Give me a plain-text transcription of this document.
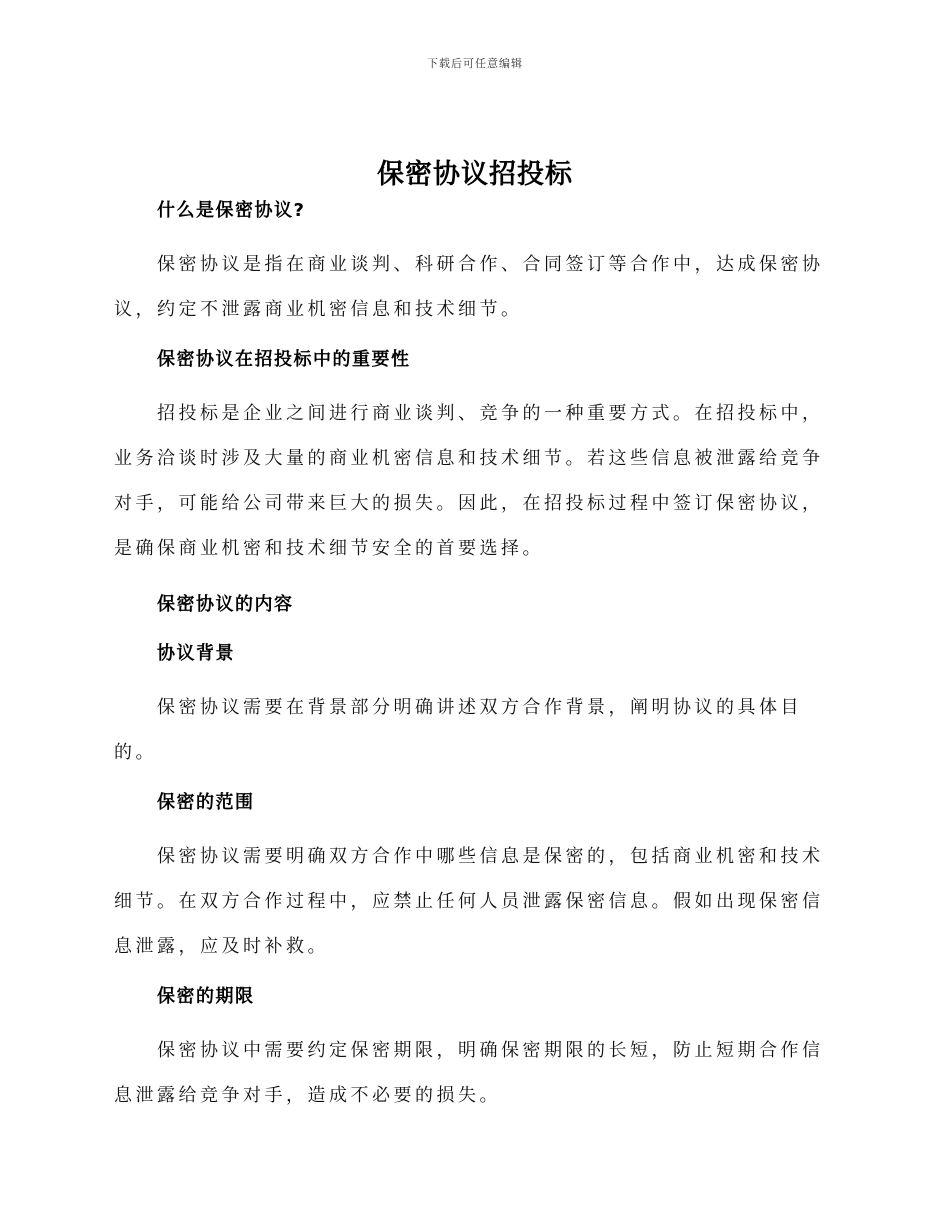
下载后可任意编辑
保密协议招投标
什么是保密协议?

保密协议是指在商业谈判、科研合作、合同签订等合作中，达成保密协议，约定不泄露商业机密信息和技术细节。

保密协议在招投标中的重要性

招投标是企业之间进行商业谈判、竞争的一种重要方式。在招投标中，业务洽谈时涉及大量的商业机密信息和技术细节。若这些信息被泄露给竞争对手，可能给公司带来巨大的损失。因此，在招投标过程中签订保密协议，是确保商业机密和技术细节安全的首要选择。

保密协议的内容
协议背景

保密协议需要在背景部分明确讲述双方合作背景，阐明协议的具体目的。

保密的范围

保密协议需要明确双方合作中哪些信息是保密的，包括商业机密和技术细节。在双方合作过程中，应禁止任何人员泄露保密信息。假如出现保密信息泄露，应及时补救。

保密的期限

保密协议中需要约定保密期限，明确保密期限的长短，防止短期合作信息泄露给竞争对手，造成不必要的损失。
